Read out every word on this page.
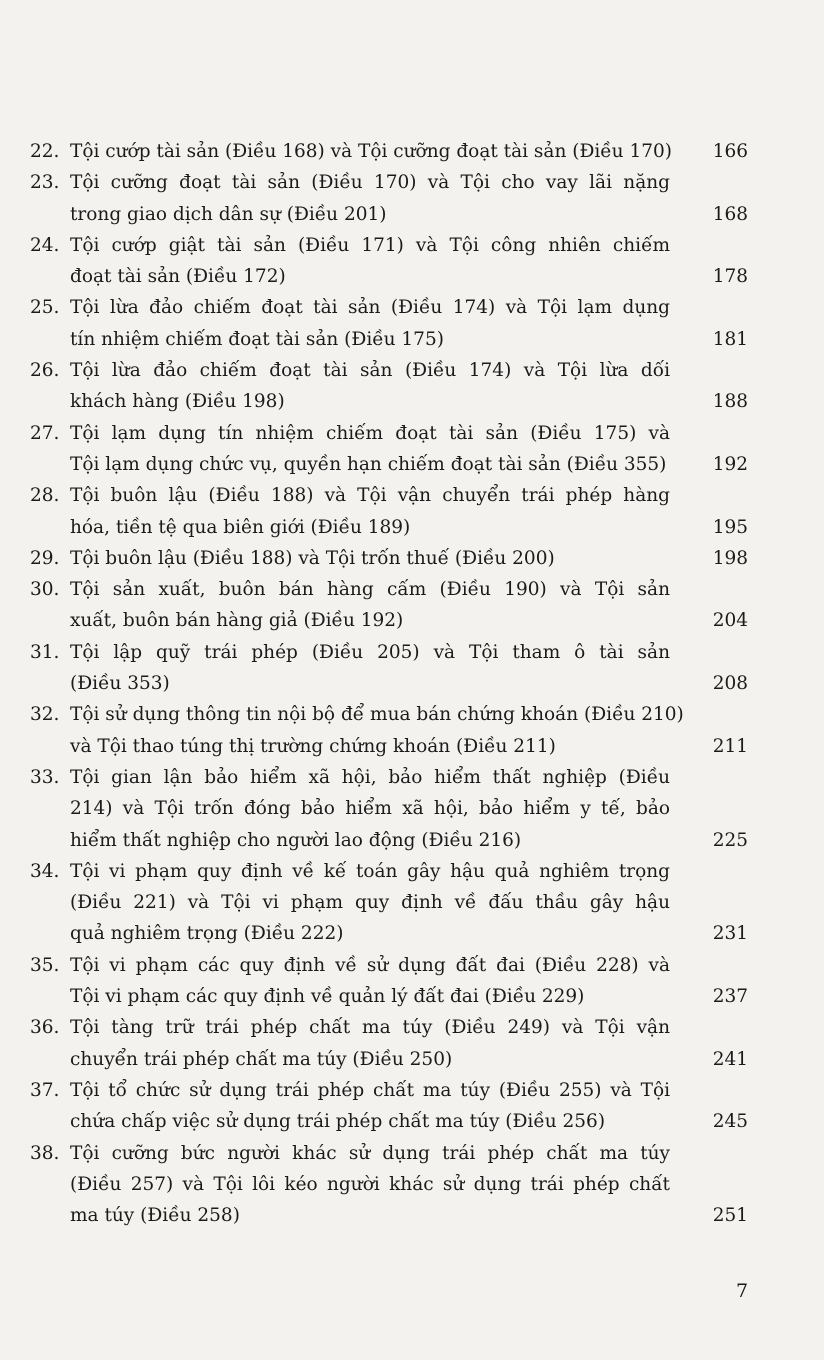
22. Tội cướp tài sản (Điều 168) và Tội cưỡng đoạt tài sản (Điều 170) 166
23. Tội cưỡng đoạt tài sản (Điều 170) và Tội cho vay lãi nặng
trong giao dịch dân sự (Điều 201)	168
24. Tội cướp giật tài sản (Điều 171) và Tội công nhiên chiếm
đoạt tài sản (Điều 172)	178
25. Tội lừa đảo chiếm đoạt tài sản (Điều 174) và Tội lạm dụng
tín nhiệm chiếm đoạt tài sản (Điều 175)	181
26. Tội lừa đảo chiếm đoạt tài sản (Điều 174) và Tội lừa dối
khách hàng (Điều 198)	188
27. Tội lạm dụng tín nhiệm chiếm đoạt tài sản (Điều 175) và
Tội lạm dụng chức vụ, quyền hạn chiếm đoạt tài sản (Điều 355)	192
28. Tội buôn lậu (Điều 188) và Tội vận chuyển trái phép hàng
hóa, tiền tệ qua biên giới (Điều 189)	195
29. Tội buôn lậu (Điều 188) và Tội trốn thuế (Điều 200)	198
30. Tội sản xuất, buôn bán hàng cấm (Điều 190) và Tội sản
xuất, buôn bán hàng giả (Điều 192)	204
31. Tội lập quỹ trái phép (Điều 205) và Tội tham ô tài sản
(Điều 353)	208
32. Tội sử dụng thông tin nội bộ để mua bán chứng khoán (Điều 210)
và Tội thao túng thị trường chứng khoán (Điều 211)	211
33. Tội gian lận bảo hiểm xã hội, bảo hiểm thất nghiệp (Điều
214) và Tội trốn đóng bảo hiểm xã hội, bảo hiểm y tế, bảo
hiểm thất nghiệp cho người lao động (Điều 216)	225
34. Tội vi phạm quy định về kế toán gây hậu quả nghiêm trọng
(Điều 221) và Tội vi phạm quy định về đấu thầu gây hậu
quả nghiêm trọng (Điều 222)	231
35. Tội vi phạm các quy định về sử dụng đất đai (Điều 228) và
Tội vi phạm các quy định về quản lý đất đai (Điều 229)	237
36. Tội tàng trữ trái phép chất ma túy (Điều 249) và Tội vận
chuyển trái phép chất ma túy (Điều 250)	241
37. Tội tổ chức sử dụng trái phép chất ma túy (Điều 255) và Tội
chứa chấp việc sử dụng trái phép chất ma túy (Điều 256)	245
38. Tội cưỡng bức người khác sử dụng trái phép chất ma túy
(Điều 257) và Tội lôi kéo người khác sử dụng trái phép chất
ma túy (Điều 258)	251
7
